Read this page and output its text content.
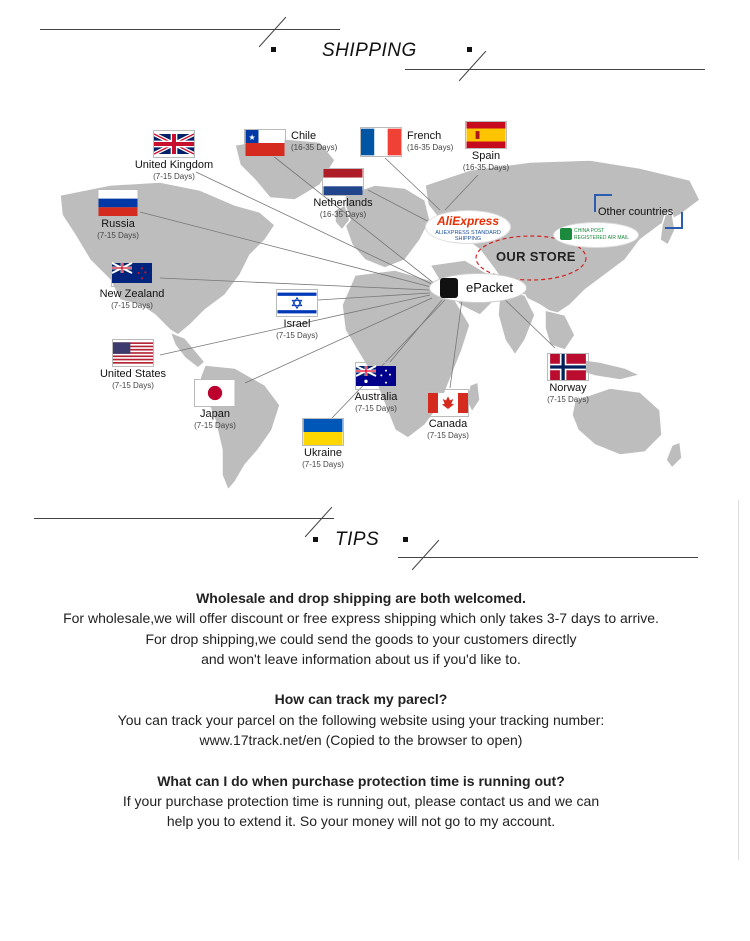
SHIPPING
OUR STORE
Other countries
AliExpress
ALIEXPRESS STANDARD SHIPPING
CHINA POST
REGISTERED AIR MAIL
ePacket
United Kingdom
(7-15 Days)
★	Chile
(16-35 Days)
French
(16-35 Days)
Spain
(16-35 Days)
Netherlands
(16-35 Days)
Russia
(7-15 Days)
New Zealand
(7-15 Days)
Israel
(7-15 Days)
United States
(7-15 Days)
Japan
(7-15 Days)
Australia
(7-15 Days)
Canada
(7-15 Days)
Ukraine
(7-15 Days)
Norway
(7-15 Days)
TIPS

Wholesale and drop shipping are both welcomed.

For wholesale,we will offer discount or free express shipping which only takes 3-7 days to arrive.

For drop shipping,we could send the goods to your customers directly

and won't leave information about us if you'd like to.

How can track my parecl?

You can track your parcel on the following website using your tracking number:

www.17track.net/en (Copied to the browser to open)

What can I do when purchase protection time is running out?

If your purchase protection time is running out, please contact us and we can

help you to extend it. So your money will not go to my account.
